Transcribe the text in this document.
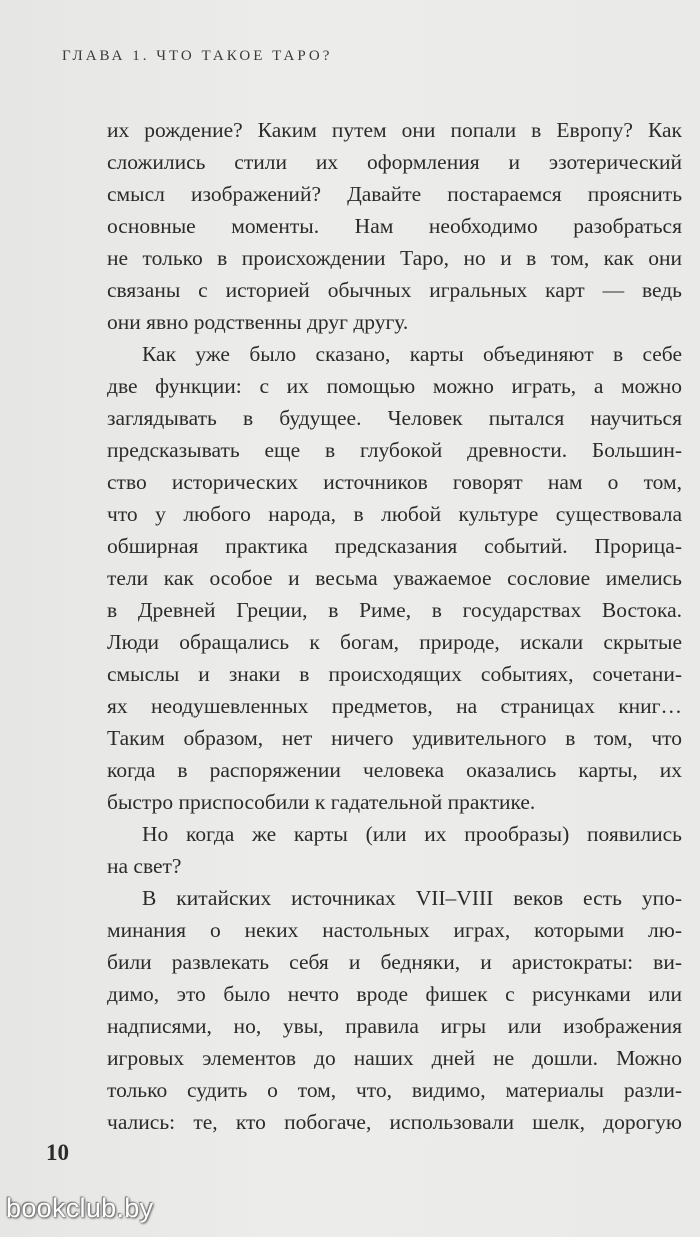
ГЛАВА 1. ЧТО ТАКОЕ ТАРО?
их рождение? Каким путем они попали в Европу? Как
сложились стили их оформления и эзотерический
смысл изображений? Давайте постараемся прояснить
основные моменты. Нам необходимо разобраться
не только в происхождении Таро, но и в том, как они
связаны с историей обычных игральных карт — ведь
они явно родственны друг другу.
Как уже было сказано, карты объединяют в себе
две функции: с их помощью можно играть, а можно
заглядывать в будущее. Человек пытался научиться
предсказывать еще в глубокой древности. Большин-
ство исторических источников говорят нам о том,
что у любого народа, в любой культуре существовала
обширная практика предсказания событий. Прорица-
тели как особое и весьма уважаемое сословие имелись
в Древней Греции, в Риме, в государствах Востока.
Люди обращались к богам, природе, искали скрытые
смыслы и знаки в происходящих событиях, сочетани-
ях неодушевленных предметов, на страницах книг…
Таким образом, нет ничего удивительного в том, что
когда в распоряжении человека оказались карты, их
быстро приспособили к гадательной практике.
Но когда же карты (или их прообразы) появились
на свет?
В китайских источниках VII–VIII веков есть упо-
минания о неких настольных играх, которыми лю-
били развлекать себя и бедняки, и аристократы: ви-
димо, это было нечто вроде фишек с рисунками или
надписями, но, увы, правила игры или изображения
игровых элементов до наших дней не дошли. Можно
только судить о том, что, видимо, материалы разли-
чались: те, кто побогаче, использовали шелк, дорогую
10
bookclub.by
